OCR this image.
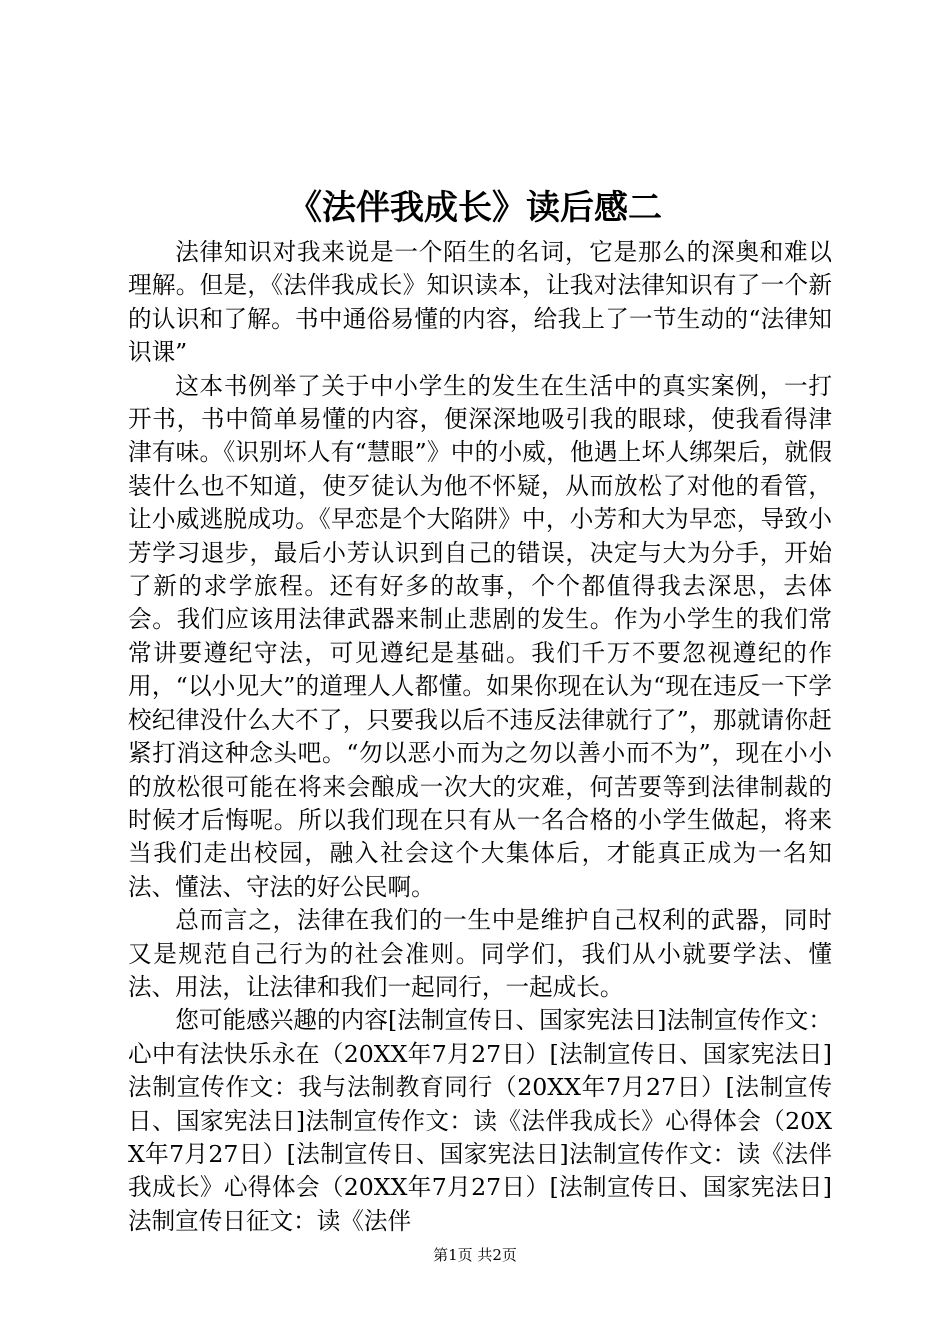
《法伴我成长》读后感二

法律知识对我来说是一个陌生的名词，它是那么的深奥和难以理解。但是，《法伴我成长》知识读本，让我对法律知识有了一个新的认识和了解。书中通俗易懂的内容，给我上了一节生动的“法律知识课”

这本书例举了关于中小学生的发生在生活中的真实案例，一打开书，书中简单易懂的内容，便深深地吸引我的眼球，使我看得津津有味。《识别坏人有“慧眼”》中的小威，他遇上坏人绑架后，就假装什么也不知道，使歹徒认为他不怀疑，从而放松了对他的看管，让小威逃脱成功。《早恋是个大陷阱》中，小芳和大为早恋，导致小芳学习退步，最后小芳认识到自己的错误，决定与大为分手，开始了新的求学旅程。还有好多的故事，个个都值得我去深思，去体会。我们应该用法律武器来制止悲剧的发生。作为小学生的我们常常讲要遵纪守法，可见遵纪是基础。我们千万不要忽视遵纪的作用，“以小见大”的道理人人都懂。如果你现在认为“现在违反一下学校纪律没什么大不了，只要我以后不违反法律就行了”，那就请你赶紧打消这种念头吧。“勿以恶小而为之勿以善小而不为”，现在小小的放松很可能在将来会酿成一次大的灾难，何苦要等到法律制裁的时候才后悔呢。所以我们现在只有从一名合格的小学生做起，将来当我们走出校园，融入社会这个大集体后，才能真正成为一名知法、懂法、守法的好公民啊。

总而言之，法律在我们的一生中是维护自己权利的武器，同时又是规范自己行为的社会准则。同学们，我们从小就要学法、懂法、用法，让法律和我们一起同行，一起成长。

您可能感兴趣的内容[法制宣传日、国家宪法日]法制宣传作文：心中有法快乐永在（20XX年7月27日）[法制宣传日、国家宪法日]法制宣传作文：我与法制教育同行（20XX年7月27日）[法制宣传日、国家宪法日]法制宣传作文：读《法伴我成长》心得体会（20XX年7月27日）[法制宣传日、国家宪法日]法制宣传作文：读《法伴我成长》心得体会（20XX年7月27日）[法制宣传日、国家宪法日]法制宣传日征文：读《法伴

第1页 共2页
